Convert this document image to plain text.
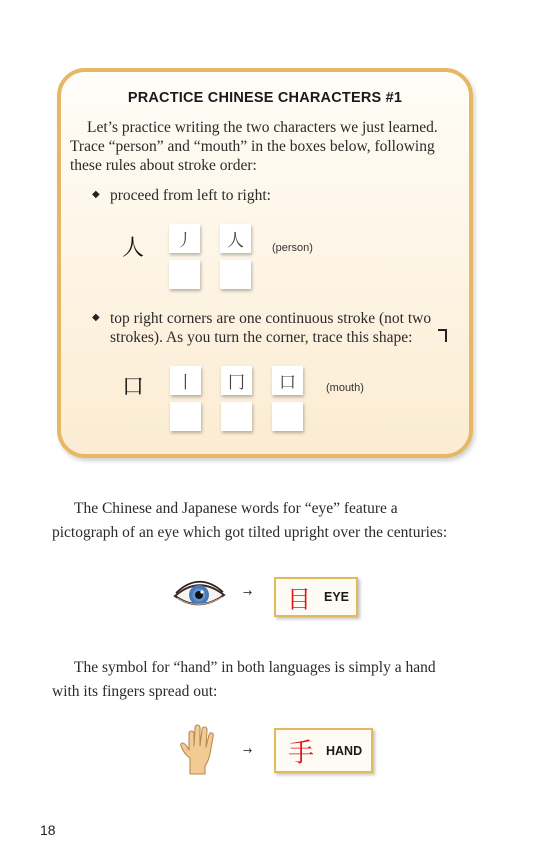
PRACTICE CHINESE CHARACTERS #1

Let’s practice writing the two characters we just learned. Trace “person” and “mouth” in the boxes below, following these rules about stroke order:

◆ proceed from left to right:
人	丿	人	(person)
◆ top right corners are one continuous stroke (not two strokes). As you turn the corner, trace this shape:
口	丨	冂	口	(mouth)

The Chinese and Japanese words for “eye” feature a pictograph of an eye which got tilted upright over the centuries:

→ 目 EYE

The symbol for “hand” in both languages is simply a hand with its fingers spread out:

→ 手 HAND
18
